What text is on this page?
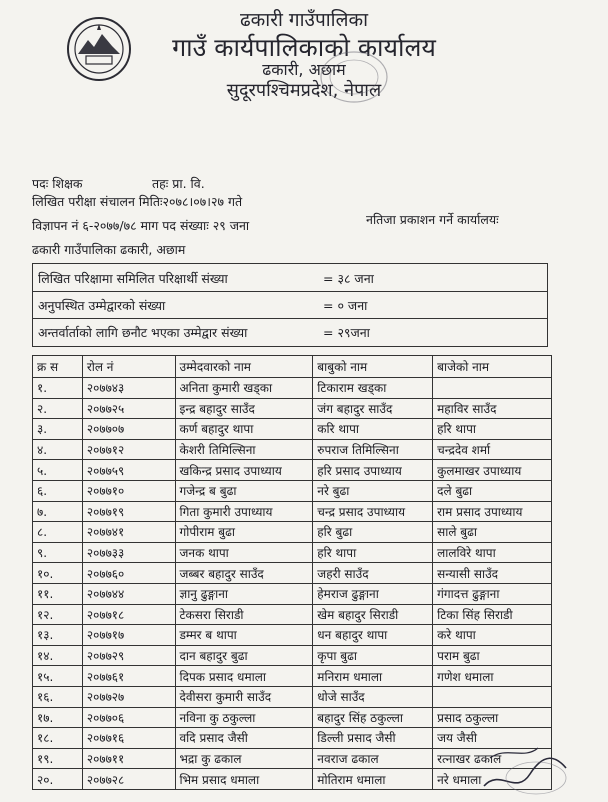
ढकारी गाउँपालिका
गाउँ कार्यपालिकाको कार्यालय
ढकारी, अछाम
सुदूरपश्चिमप्रदेश, नेपाल
पदः शिक्षक	तहः प्रा. वि.
लिखित परीक्षा संचालन मितिः२०७८।०७।२७ गते
विज्ञापन नं ६-२०७७/७८ माग पद संख्याः २९ जना	नतिजा प्रकाशन गर्ने कार्यालयः
ढकारी गाउँपालिका ढकारी, अछाम
लिखित परिक्षामा समिलित परिक्षार्थी संख्या	= ३८ जना
अनुपस्थित उम्मेद्वारको संख्या	= ० जना
अन्तर्वार्ताको लागि छनौट भएका उम्मेद्वार संख्या	= २९जना
क्र स	रोल नं	उम्मेदवारको नाम	बाबुको नाम	बाजेको नाम
१.	२०७७४३	अनिता कुमारी खड्का	टिकाराम खड्का	
२.	२०७७२५	इन्द्र बहादुर साउँद	जंग बहादुर साउँद	महाविर साउँद
३.	२०७७०७	कर्ण बहादुर थापा	करि थापा	हरि थापा
४.	२०७७१२	केशरी तिमिल्सिना	रुपराज तिमिल्सिना	चन्द्रदेव शर्मा
५.	२०७७५९	खकिन्द्र प्रसाद उपाध्याय	हरि प्रसाद उपाध्याय	कुलमाखर उपाध्याय
६.	२०७७१०	गजेन्द्र ब बुढा	नरे बुढा	दले बुढा
७.	२०७७१९	गिता कुमारी उपाध्याय	चन्द्र प्रसाद उपाध्याय	राम प्रसाद उपाध्याय
८.	२०७७४१	गोपीराम बुढा	हरि बुढा	साले बुढा
९.	२०७७३३	जनक थापा	हरि थापा	लालविरे थापा
१०.	२०७७६०	जब्बर बहादुर साउँद	जहरी साउँद	सन्यासी साउँद
११.	२०७७४४	ज्ञानु ढुङ्गाना	हेमराज ढुङ्गाना	गंगादत्त ढुङ्गाना
१२.	२०७७१८	टेकसरा सिराडी	खेम बहादुर सिराडी	टिका सिंह सिराडी
१३.	२०७७१७	डम्मर ब थापा	धन बहादुर थापा	करे थापा
१४.	२०७७२९	दान बहादुर बुढा	कृपा बुढा	पराम बुढा
१५.	२०७७६१	दिपक प्रसाद धमाला	मनिराम धमाला	गणेश धमाला
१६.	२०७७२७	देवीसरा कुमारी साउँद	धोजे साउँद	
१७.	२०७७०६	नविना कु ठकुल्ला	बहादुर सिंह ठकुल्ला	प्रसाद ठकुल्ला
१८.	२०७७१६	वदि प्रसाद जैसी	डिल्ली प्रसाद जैसी	जय जैसी
१९.	२०७७११	भद्रा कु ढकाल	नवराज ढकाल	रत्नाखर ढकाल
२०.	२०७७२८	भिम प्रसाद धमाला	मोतिराम धमाला	नरे धमाला
